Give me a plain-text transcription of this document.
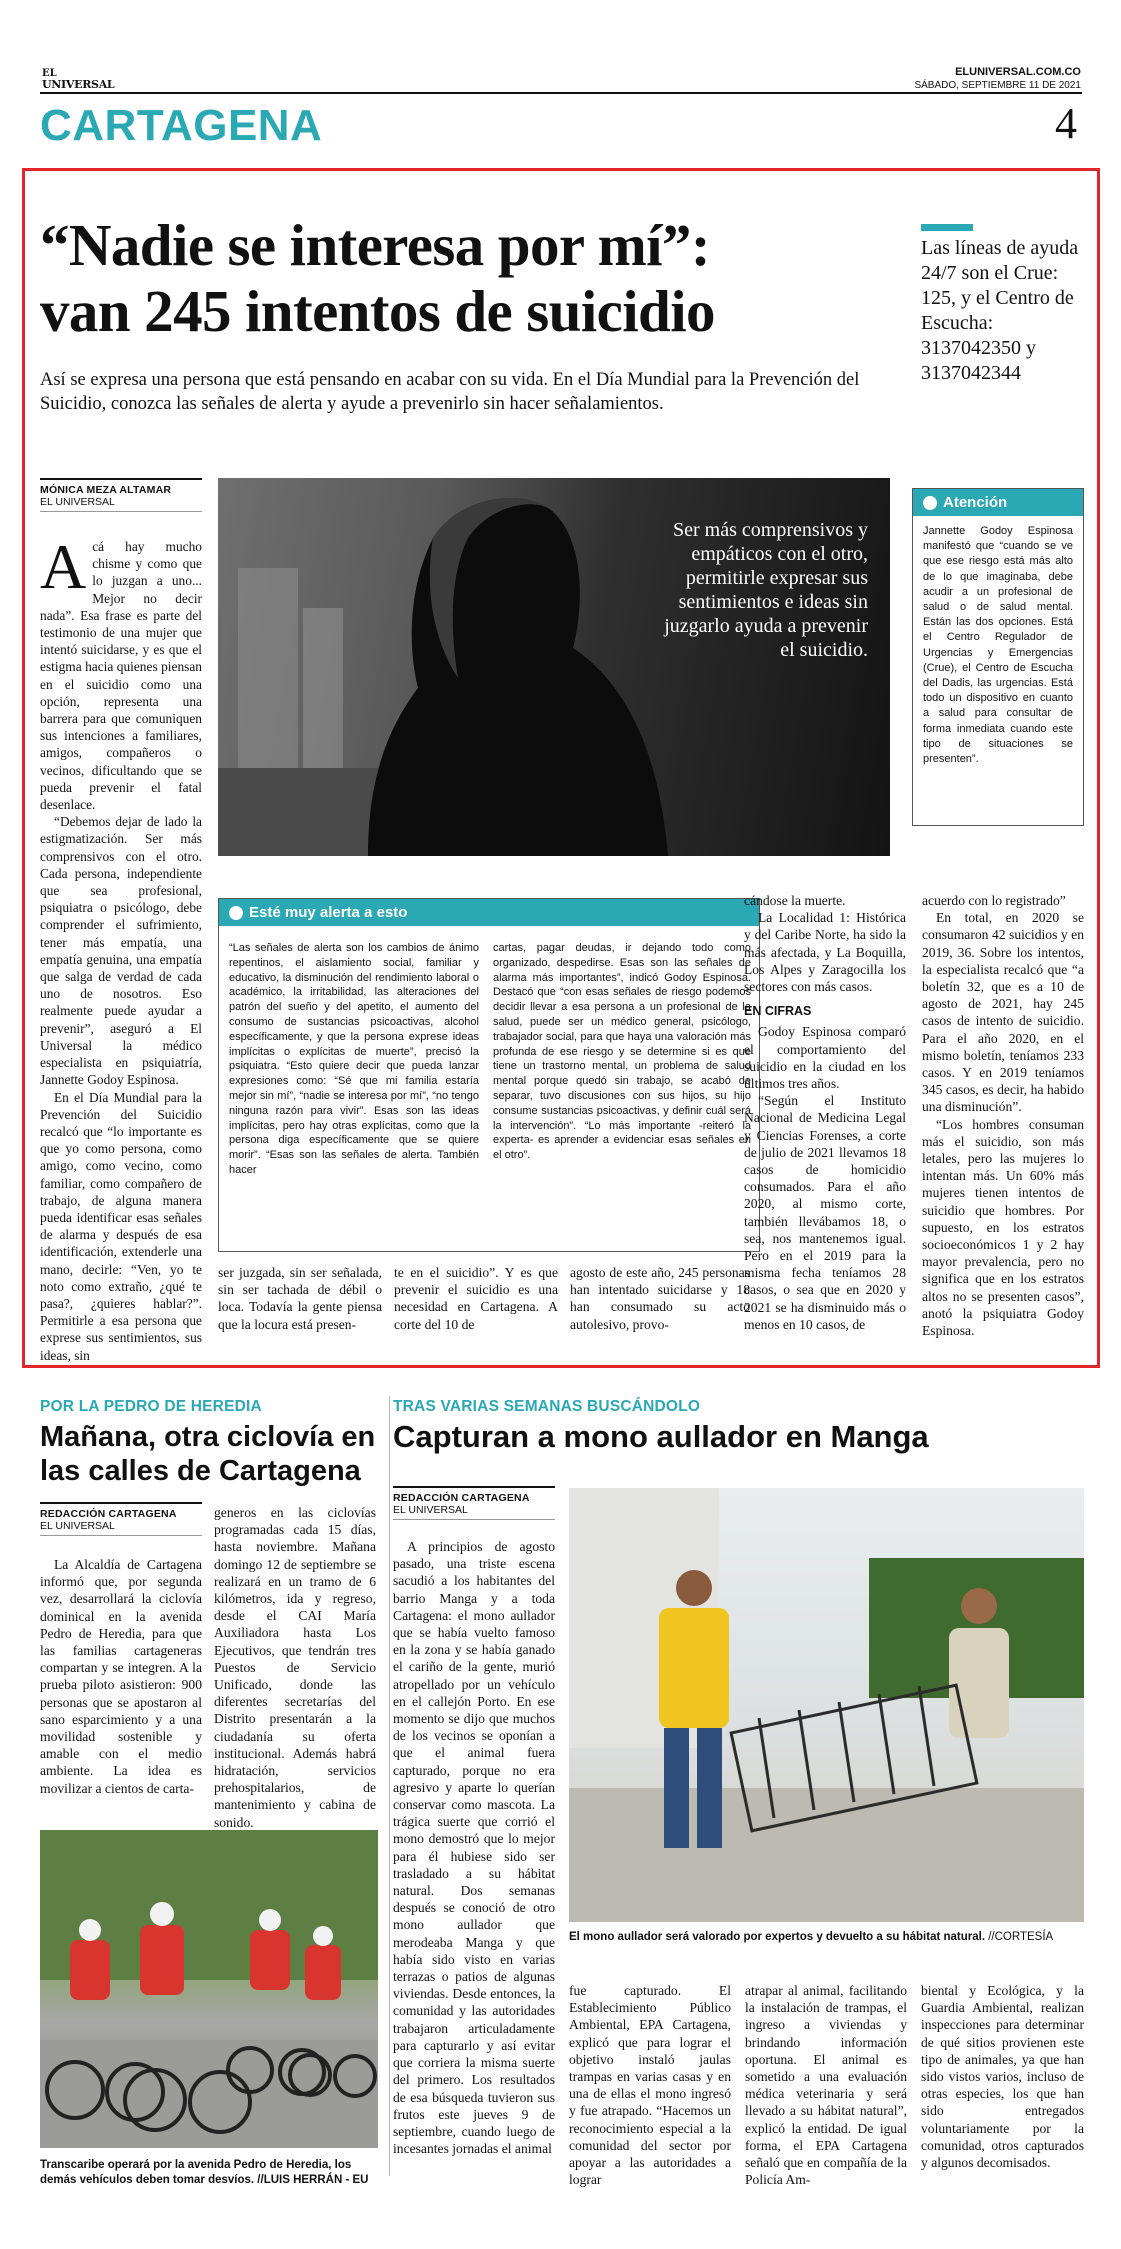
EL
UNIVERSAL
ELUNIVERSAL.COM.CO
SÁBADO, SEPTIEMBRE 11 DE 2021
CARTAGENA	4
“Nadie se interesa por mí”:
van 245 intentos de suicidio
Así se expresa una persona que está pensando en acabar con su vida. En el Día Mundial para la Prevención del Suicidio, conozca las señales de alerta y ayude a prevenirlo sin hacer señalamientos.
Las líneas de ayuda 24/7 son el Crue: 125, y el Centro de Escucha: 3137042350 y 3137042344
MÓNICA MEZA ALTAMAR
EL UNIVERSAL
Ser más comprensivos y empáticos con el otro, permitirle expresar sus sentimientos e ideas sin juzgarlo ayuda a prevenir el suicidio.
Atención
Jannette Godoy Espinosa manifestó que “cuando se ve que ese riesgo está más alto de lo que imaginaba, debe acudir a un profesional de salud o de salud mental. Están las dos opciones. Está el Centro Regulador de Urgencias y Emergencias (Crue), el Centro de Escucha del Dadis, las urgencias. Está todo un dispositivo en cuanto a salud para consultar de forma inmediata cuando este tipo de situaciones se presenten”.
Esté muy alerta a esto
“Las señales de alerta son los cambios de ánimo repentinos, el aislamiento social, familiar y educativo, la disminución del rendimiento laboral o académico, la irritabilidad, las alteraciones del patrón del sueño y del apetito, el aumento del consumo de sustancias psicoactivas, alcohol específicamente, y que la persona exprese ideas implícitas o explícitas de muerte”, precisó la psiquiatra. “Esto quiere decir que pueda lanzar expresiones como: “Sé que mi familia estaría mejor sin mí”, “nadie se interesa por mí”, “no tengo ninguna razón para vivir”. Esas son las ideas implícitas, pero hay otras explícitas, como que la persona diga específicamente que se quiere morir”. “Esas son las señales de alerta. También hacer
cartas, pagar deudas, ir dejando todo como organizado, despedirse. Esas son las señales de alarma más importantes”, indicó Godoy Espinosa. Destacó que “con esas señales de riesgo podemos decidir llevar a esa persona a un profesional de la salud, puede ser un médico general, psicólogo, trabajador social, para que haya una valoración más profunda de ese riesgo y se determine si es que tiene un trastorno mental, un problema de salud mental porque quedó sin trabajo, se acabó de separar, tuvo discusiones con sus hijos, su hijo consume sustancias psicoactivas, y definir cuál será la intervención”. “Lo más importante -reiteró la experta- es aprender a evidenciar esas señales en el otro”.

Acá hay mucho chisme y como que lo juzgan a uno... Mejor no decir nada”. Esa frase es parte del testimonio de una mujer que intentó suicidarse, y es que el estigma hacia quienes piensan en el suicidio como una opción, representa una barrera para que comuniquen sus intenciones a familiares, amigos, compañeros o vecinos, dificultando que se pueda prevenir el fatal desenlace.

“Debemos dejar de lado la estigmatización. Ser más comprensivos con el otro. Cada persona, independiente que sea profesional, psiquiatra o psicólogo, debe comprender el sufrimiento, tener más empatía, una empatía genuina, una empatía que salga de verdad de cada uno de nosotros. Eso realmente puede ayudar a prevenir”, aseguró a El Universal la médico especialista en psiquiatría, Jannette Godoy Espinosa.

En el Día Mundial para la Prevención del Suicidio recalcó que “lo importante es que yo como persona, como amigo, como vecino, como familiar, como compañero de trabajo, de alguna manera pueda identificar esas señales de alarma y después de esa identificación, extenderle una mano, decirle: “Ven, yo te noto como extraño, ¿qué te pasa?, ¿quieres hablar?”. Permitirle a esa persona que exprese sus sentimientos, sus ideas, sin

ser juzgada, sin ser señalada, sin ser tachada de débil o loca. Todavía la gente piensa que la locura está presen-

te en el suicidio”. Y es que prevenir el suicidio es una necesidad en Cartagena. A corte del 10 de

agosto de este año, 245 personas han intentado suicidarse y 18 han consumado su acto autolesivo, provo-

cándose la muerte.

La Localidad 1: Histórica y del Caribe Norte, ha sido la más afectada, y La Boquilla, Los Alpes y Zaragocilla los sectores con más casos.

EN CIFRAS

Godoy Espinosa comparó el comportamiento del suicidio en la ciudad en los últimos tres años.

“Según el Instituto Nacional de Medicina Legal y Ciencias Forenses, a corte de julio de 2021 llevamos 18 casos de homicidio consumados. Para el año 2020, al mismo corte, también llevábamos 18, o sea, nos mantenemos igual. Pero en el 2019 para la misma fecha teníamos 28 casos, o sea que en 2020 y 2021 se ha disminuido más o menos en 10 casos, de

acuerdo con lo registrado”

En total, en 2020 se consumaron 42 suicidios y en 2019, 36. Sobre los intentos, la especialista recalcó que “a boletín 32, que es a 10 de agosto de 2021, hay 245 casos de intento de suicidio. Para el año 2020, en el mismo boletín, teníamos 233 casos. Y en 2019 teníamos 345 casos, es decir, ha habido una disminución”.

“Los hombres consuman más el suicidio, son más letales, pero las mujeres lo intentan más. Un 60% más mujeres tienen intentos de suicidio que hombres. Por supuesto, en los estratos socioeconómicos 1 y 2 hay mayor prevalencia, pero no significa que en los estratos altos no se presenten casos”, anotó la psiquiatra Godoy Espinosa.

POR LA PEDRO DE HEREDIA
Mañana, otra ciclovía en las calles de Cartagena
REDACCIÓN CARTAGENA
EL UNIVERSAL

La Alcaldía de Cartagena informó que, por segunda vez, desarrollará la ciclovía dominical en la avenida Pedro de Heredia, para que las familias cartageneras compartan y se integren. A la prueba piloto asistieron: 900 personas que se apostaron al sano esparcimiento y a una movilidad sostenible y amable con el medio ambiente. La idea es movilizar a cientos de carta-

generos en las ciclovías programadas cada 15 días, hasta noviembre. Mañana domingo 12 de septiembre se realizará en un tramo de 6 kilómetros, ida y regreso, desde el CAI María Auxiliadora hasta Los Ejecutivos, que tendrán tres Puestos de Servicio Unificado, donde las diferentes secretarías del Distrito presentarán a la ciudadanía su oferta institucional. Además habrá hidratación, servicios prehospitalarios, de mantenimiento y cabina de sonido.

Transcaribe operará por la avenida Pedro de Heredia, los demás vehículos deben tomar desvíos. //LUIS HERRÁN - EU
TRAS VARIAS SEMANAS BUSCÁNDOLO
Capturan a mono aullador en Manga
REDACCIÓN CARTAGENA
EL UNIVERSAL

A principios de agosto pasado, una triste escena sacudió a los habitantes del barrio Manga y a toda Cartagena: el mono aullador que se había vuelto famoso en la zona y se había ganado el cariño de la gente, murió atropellado por un vehículo en el callejón Porto. En ese momento se dijo que muchos de los vecinos se oponían a que el animal fuera capturado, porque no era agresivo y aparte lo querían conservar como mascota. La trágica suerte que corrió el mono demostró que lo mejor para él hubiese sido ser trasladado a su hábitat natural. Dos semanas después se conoció de otro mono aullador que merodeaba Manga y que había sido visto en varias terrazas o patios de algunas viviendas. Desde entonces, la comunidad y las autoridades trabajaron articuladamente para capturarlo y así evitar que corriera la misma suerte del primero. Los resultados de esa búsqueda tuvieron sus frutos este jueves 9 de septiembre, cuando luego de incesantes jornadas el animal

El mono aullador será valorado por expertos y devuelto a su hábitat natural. //CORTESÍA

fue capturado. El Establecimiento Público Ambiental, EPA Cartagena, explicó que para lograr el objetivo instaló jaulas trampas en varias casas y en una de ellas el mono ingresó y fue atrapado. “Hacemos un reconocimiento especial a la comunidad del sector por apoyar a las autoridades a lograr

atrapar al animal, facilitando la instalación de trampas, el ingreso a viviendas y brindando información oportuna. El animal es sometido a una evaluación médica veterinaria y será llevado a su hábitat natural”, explicó la entidad. De igual forma, el EPA Cartagena señaló que en compañía de la Policía Am-

biental y Ecológica, y la Guardia Ambiental, realizan inspecciones para determinar de qué sitios provienen este tipo de animales, ya que han sido vistos varios, incluso de otras especies, los que han sido entregados voluntariamente por la comunidad, otros capturados y algunos decomisados.
